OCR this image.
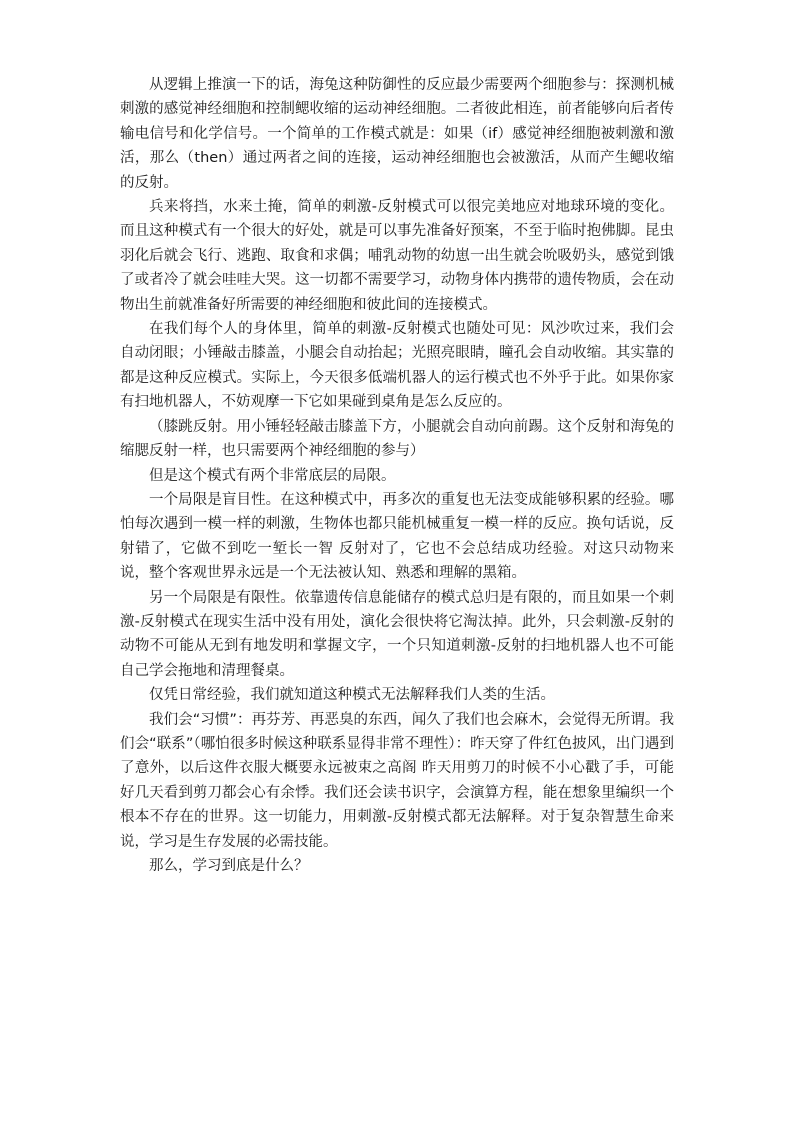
从逻辑上推演一下的话，海兔这种防御性的反应最少需要两个细胞参与：探测机械刺激的感觉神经细胞和控制鳃收缩的运动神经细胞。二者彼此相连，前者能够向后者传输电信号和化学信号。一个简单的工作模式就是：如果（if）感觉神经细胞被刺激和激活，那么（then）通过两者之间的连接，运动神经细胞也会被激活，从而产生鳃收缩的反射。

兵来将挡，水来土掩，简单的刺激-反射模式可以很完美地应对地球环境的变化。而且这种模式有一个很大的好处，就是可以事先准备好预案，不至于临时抱佛脚。昆虫羽化后就会飞行、逃跑、取食和求偶；哺乳动物的幼崽一出生就会吮吸奶头，感觉到饿了或者冷了就会哇哇大哭。这一切都不需要学习，动物身体内携带的遗传物质，会在动物出生前就准备好所需要的神经细胞和彼此间的连接模式。

在我们每个人的身体里，简单的刺激-反射模式也随处可见：风沙吹过来，我们会自动闭眼；小锤敲击膝盖，小腿会自动抬起；光照亮眼睛，瞳孔会自动收缩。其实靠的都是这种反应模式。实际上，今天很多低端机器人的运行模式也不外乎于此。如果你家有扫地机器人，不妨观摩一下它如果碰到桌角是怎么反应的。

（膝跳反射。用小锤轻轻敲击膝盖下方，小腿就会自动向前踢。这个反射和海兔的缩腮反射一样，也只需要两个神经细胞的参与）

但是这个模式有两个非常底层的局限。

一个局限是盲目性。在这种模式中，再多次的重复也无法变成能够积累的经验。哪怕每次遇到一模一样的刺激，生物体也都只能机械重复一模一样的反应。换句话说，反射错了，它做不到吃一堑长一智 反射对了，它也不会总结成功经验。对这只动物来说，整个客观世界永远是一个无法被认知、熟悉和理解的黑箱。

另一个局限是有限性。依靠遗传信息能储存的模式总归是有限的，而且如果一个刺激-反射模式在现实生活中没有用处，演化会很快将它淘汰掉。此外，只会刺激-反射的动物不可能从无到有地发明和掌握文字，一个只知道刺激-反射的扫地机器人也不可能自己学会拖地和清理餐桌。

仅凭日常经验，我们就知道这种模式无法解释我们人类的生活。

我们会“习惯”：再芬芳、再恶臭的东西，闻久了我们也会麻木，会觉得无所谓。我们会“联系”（哪怕很多时候这种联系显得非常不理性）：昨天穿了件红色披风，出门遇到了意外，以后这件衣服大概要永远被束之高阁 昨天用剪刀的时候不小心戳了手，可能好几天看到剪刀都会心有余悸。我们还会读书识字，会演算方程，能在想象里编织一个根本不存在的世界。这一切能力，用刺激-反射模式都无法解释。对于复杂智慧生命来说，学习是生存发展的必需技能。

那么，学习到底是什么？
